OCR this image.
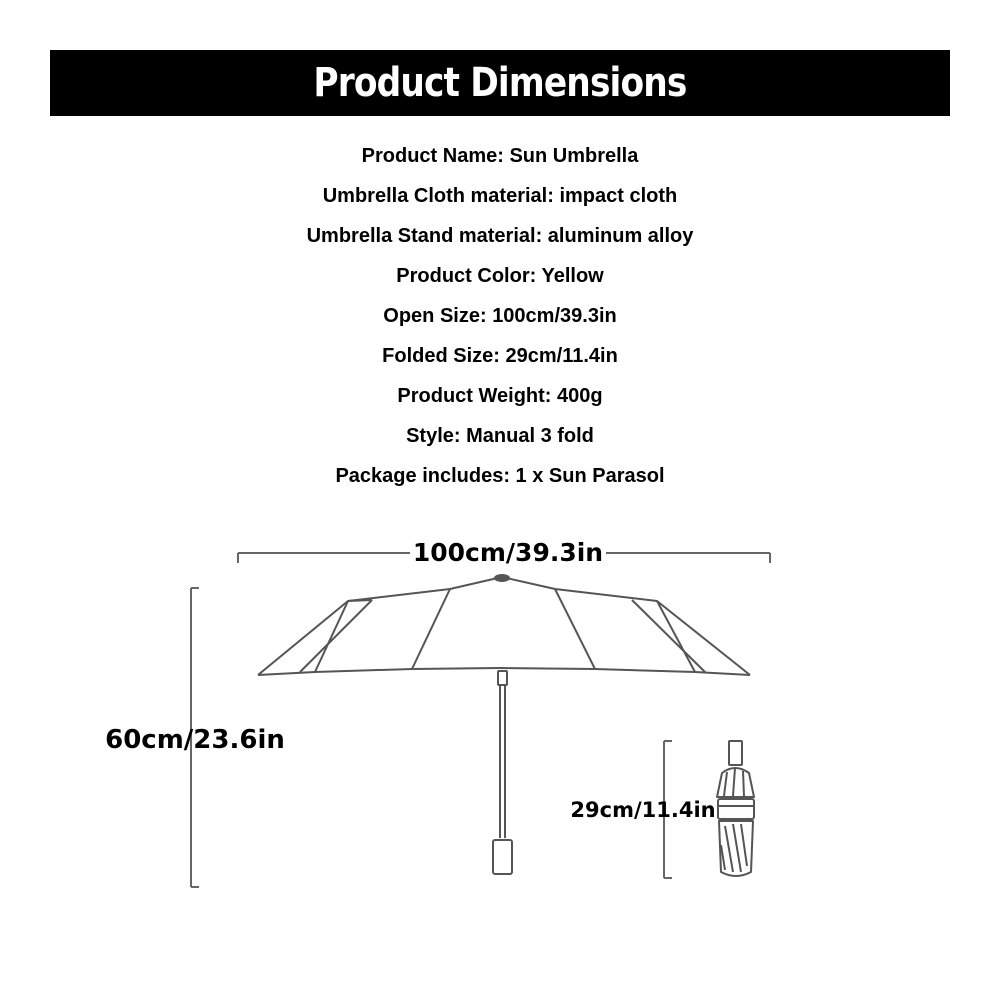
Product Dimensions
Product Name: Sun Umbrella
Umbrella Cloth material: impact cloth
Umbrella Stand material: aluminum alloy
Product Color: Yellow
Open Size: 100cm/39.3in
Folded Size: 29cm/11.4in
Product Weight: 400g
Style: Manual 3 fold
Package includes: 1 x Sun Parasol
100cm/39.3in
60cm/23.6in
29cm/11.4in
